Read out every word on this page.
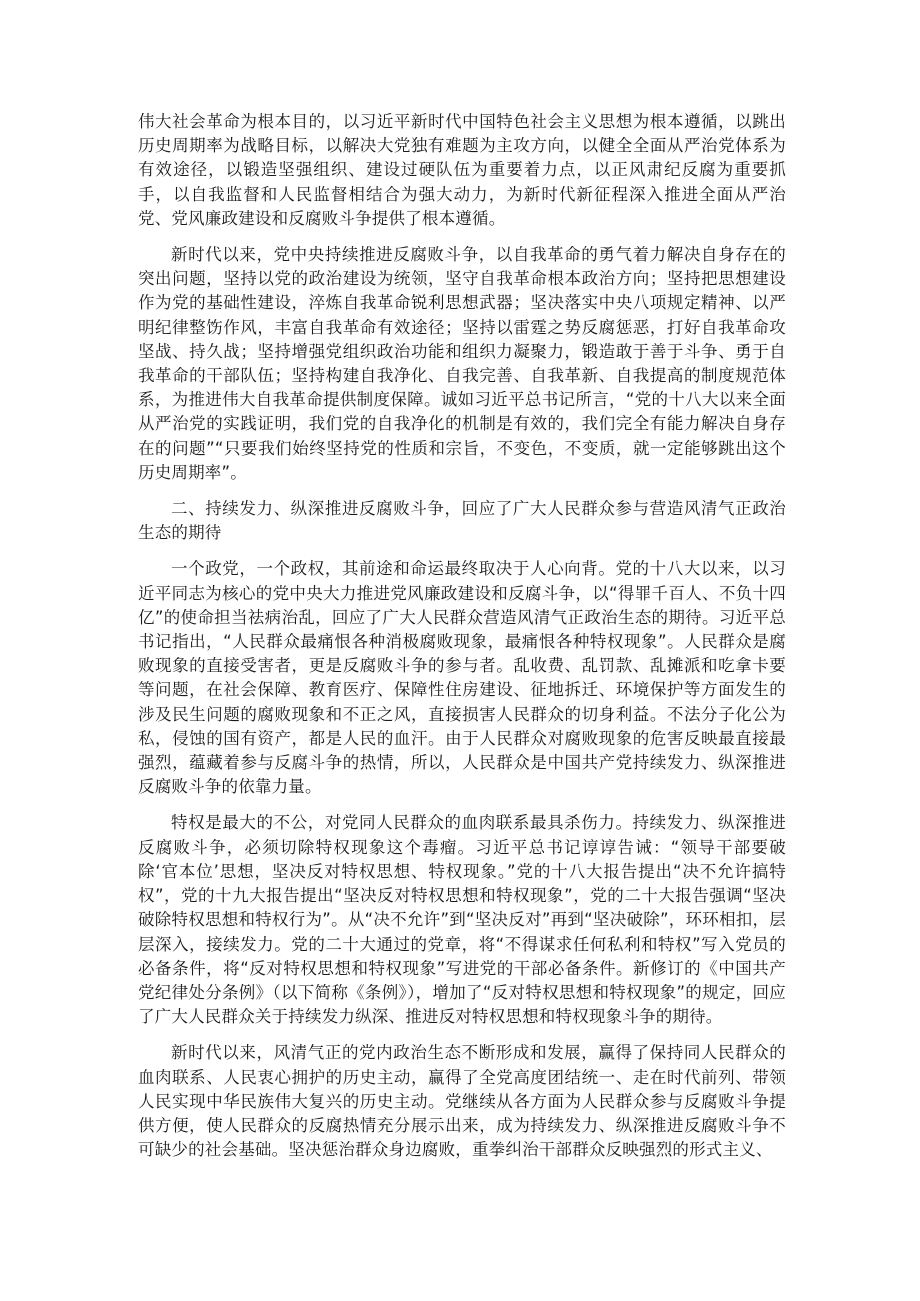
伟大社会革命为根本目的，以习近平新时代中国特色社会主义思想为根本遵循，以跳出历史周期率为战略目标，以解决大党独有难题为主攻方向，以健全全面从严治党体系为有效途径，以锻造坚强组织、建设过硬队伍为重要着力点，以正风肃纪反腐为重要抓手，以自我监督和人民监督相结合为强大动力，为新时代新征程深入推进全面从严治党、党风廉政建设和反腐败斗争提供了根本遵循。

新时代以来，党中央持续推进反腐败斗争，以自我革命的勇气着力解决自身存在的突出问题，坚持以党的政治建设为统领，坚守自我革命根本政治方向；坚持把思想建设作为党的基础性建设，淬炼自我革命锐利思想武器；坚决落实中央八项规定精神、以严明纪律整饬作风，丰富自我革命有效途径；坚持以雷霆之势反腐惩恶，打好自我革命攻坚战、持久战；坚持增强党组织政治功能和组织力凝聚力，锻造敢于善于斗争、勇于自我革命的干部队伍；坚持构建自我净化、自我完善、自我革新、自我提高的制度规范体系，为推进伟大自我革命提供制度保障。诚如习近平总书记所言，“党的十八大以来全面从严治党的实践证明，我们党的自我净化的机制是有效的，我们完全有能力解决自身存在的问题”“只要我们始终坚持党的性质和宗旨，不变色，不变质，就一定能够跳出这个历史周期率”。

二、持续发力、纵深推进反腐败斗争，回应了广大人民群众参与营造风清气正政治生态的期待

一个政党，一个政权，其前途和命运最终取决于人心向背。党的十八大以来，以习近平同志为核心的党中央大力推进党风廉政建设和反腐斗争，以“得罪千百人、不负十四亿”的使命担当祛病治乱，回应了广大人民群众营造风清气正政治生态的期待。习近平总书记指出，“人民群众最痛恨各种消极腐败现象，最痛恨各种特权现象”。人民群众是腐败现象的直接受害者，更是反腐败斗争的参与者。乱收费、乱罚款、乱摊派和吃拿卡要等问题，在社会保障、教育医疗、保障性住房建设、征地拆迁、环境保护等方面发生的涉及民生问题的腐败现象和不正之风，直接损害人民群众的切身利益。不法分子化公为私，侵蚀的国有资产，都是人民的血汗。由于人民群众对腐败现象的危害反映最直接最强烈，蕴藏着参与反腐斗争的热情，所以，人民群众是中国共产党持续发力、纵深推进反腐败斗争的依靠力量。

特权是最大的不公，对党同人民群众的血肉联系最具杀伤力。持续发力、纵深推进反腐败斗争，必须切除特权现象这个毒瘤。习近平总书记谆谆告诫：“领导干部要破除‘官本位’思想，坚决反对特权思想、特权现象。”党的十八大报告提出“决不允许搞特权”，党的十九大报告提出“坚决反对特权思想和特权现象”，党的二十大报告强调“坚决破除特权思想和特权行为”。从“决不允许”到“坚决反对”再到“坚决破除”，环环相扣，层层深入，接续发力。党的二十大通过的党章，将“不得谋求任何私利和特权”写入党员的必备条件，将“反对特权思想和特权现象”写进党的干部必备条件。新修订的《中国共产党纪律处分条例》（以下简称《条例》），增加了“反对特权思想和特权现象”的规定，回应了广大人民群众关于持续发力纵深、推进反对特权思想和特权现象斗争的期待。

新时代以来，风清气正的党内政治生态不断形成和发展，赢得了保持同人民群众的血肉联系、人民衷心拥护的历史主动，赢得了全党高度团结统一、走在时代前列、带领人民实现中华民族伟大复兴的历史主动。党继续从各方面为人民群众参与反腐败斗争提供方便，使人民群众的反腐热情充分展示出来，成为持续发力、纵深推进反腐败斗争不可缺少的社会基础。坚决惩治群众身边腐败，重拳纠治干部群众反映强烈的形式主义、
